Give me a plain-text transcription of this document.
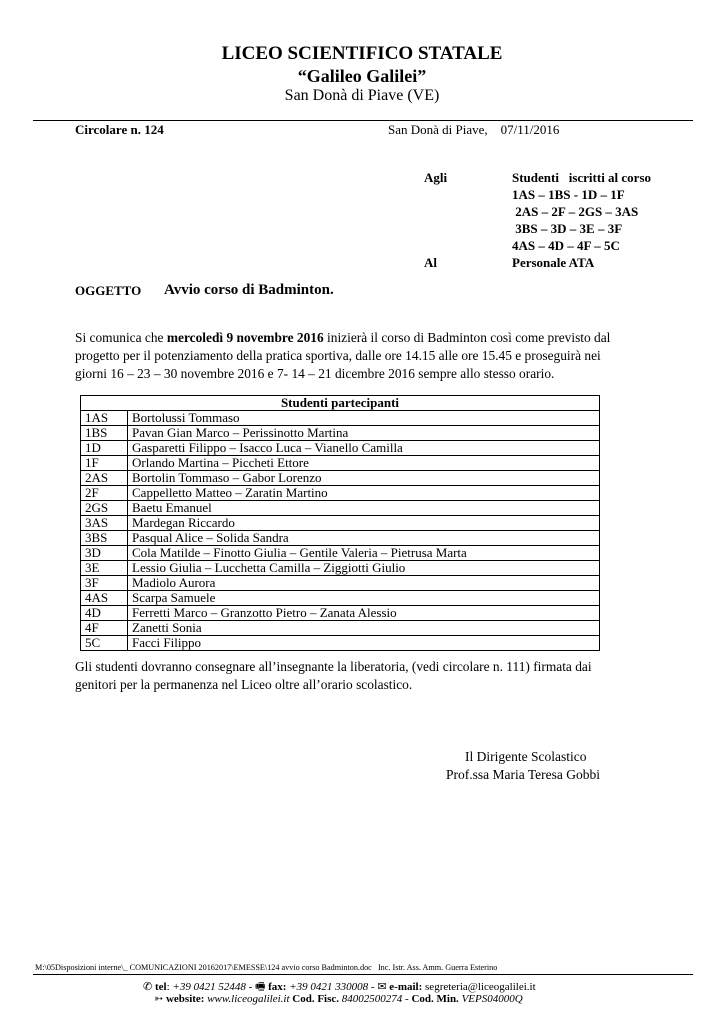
LICEO SCIENTIFICO STATALE
“Galileo Galilei”
San Donà di Piave (VE)
Circolare n. 124	San Donà di Piave,    07/11/2016
Agli	Studenti   iscritti al corso
1AS – 1BS - 1D – 1F
2AS – 2F – 2GS – 3AS
3BS – 3D – 3E – 3F
4AS – 4D – 4F – 5C
Al	Personale ATA
OGGETTO Avvio corso di Badminton.
Si comunica che mercoledì 9 novembre 2016 inizierà il corso di Badminton così come previsto dal progetto per il potenziamento della pratica sportiva, dalle ore 14.15 alle ore 15.45 e proseguirà nei giorni 16 – 23 – 30 novembre 2016 e 7- 14 – 21 dicembre 2016 sempre allo stesso orario.
Studenti partecipanti	
1AS	Bortolussi Tommaso
1BS	Pavan Gian Marco – Perissinotto Martina
1D	Gasparetti Filippo – Isacco Luca – Vianello Camilla
1F	Orlando Martina – Piccheti Ettore
2AS	Bortolin Tommaso – Gabor Lorenzo
2F	Cappelletto Matteo – Zaratin Martino
2GS	Baetu Emanuel
3AS	Mardegan Riccardo
3BS	Pasqual Alice – Solida Sandra
3D	Cola Matilde – Finotto Giulia – Gentile Valeria – Pietrusa Marta
3E	Lessio Giulia – Lucchetta Camilla – Ziggiotti Giulio
3F	Madiolo Aurora
4AS	Scarpa Samuele
4D	Ferretti Marco – Granzotto Pietro – Zanata Alessio
4F	Zanetti Sonia
5C	Facci Filippo
Gli studenti dovranno consegnare all’insegnante la liberatoria, (vedi circolare n. 111) firmata dai genitori per la permanenza nel Liceo oltre all’orario scolastico.
Il Dirigente Scolastico
Prof.ssa Maria Teresa Gobbi
M:\05Disposizioni interne\_ COMUNICAZIONI 20162017\EMESSE\124 avvio corso Badminton.doc   Inc. Istr. Ass. Amm. Guerra Esterino
✆ tel: +39 0421 52448 - 🖷 fax: +39 0421 330008 - ✉ e-mail: segreteria@liceogalilei.it
➳ website: www.liceogalilei.it Cod. Fisc. 84002500274 - Cod. Min. VEPS04000Q
